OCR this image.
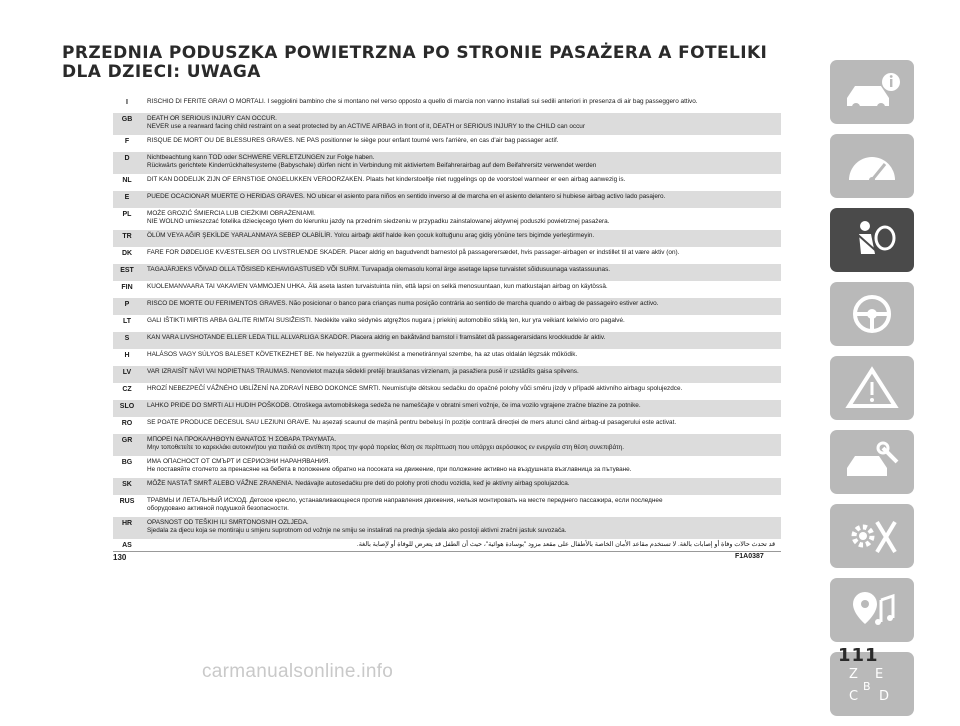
PRZEDNIA PODUSZKA POWIETRZNA PO STRONIE PASAŻERA A FOTELIKI DLA DZIECI: UWAGA
I	RISCHIO DI FERITE GRAVI O MORTALI. I seggiolini bambino che si montano nel verso opposto a quello di marcia non vanno installati sui sedili anteriori in presenza di air bag passeggero attivo.
GB	DEATH OR SERIOUS INJURY CAN OCCUR.
NEVER use a rearward facing child restraint on a seat protected by an ACTIVE AIRBAG in front of it, DEATH or SERIOUS INJURY to the CHILD can occur
F	RISQUE DE MORT OU DE BLESSURES GRAVES. NE PAS positionner le siège pour enfant tourné vers l'arrière, en cas d'air bag passager actif.
D	Nichtbeachtung kann TOD oder SCHWERE VERLETZUNGEN zur Folge haben.
Rückwärts gerichtete Kinderrückhaltesysteme (Babyschale) dürfen nicht in Verbindung mit aktiviertem Beifahrerairbag auf dem Beifahrersitz verwendet werden
NL	DIT KAN DODELIJK ZIJN OF ERNSTIGE ONGELUKKEN VEROORZAKEN. Plaats het kinderstoeltje niet ruggelings op de voorstoel wanneer er een airbag aanwezig is.
E	PUEDE OCACIONAR MUERTE O HERIDAS GRAVES. NO ubicar el asiento para niños en sentido inverso al de marcha en el asiento delantero si hubiese airbag activo lado pasajero.
PL	MOŻE GROZIĆ ŚMIERCIA LUB CIEŻKIMI OBRAŻENIAMI.
NIE WOLNO umieszczać fotelika dziecięcego tyłem do kierunku jazdy na przednim siedzeniu w przypadku zainstalowanej aktywnej poduszki powietrznej pasażera.
TR	ÖLÜM VEYA AĞIR ŞEKİLDE YARALANMAYA SEBEP OLABİLİR. Yolcu airbağı aktif halde iken çocuk koltuğunu araç gidiş yönüne ters biçimde yerleştirmeyin.
DK	FARE FOR DØDELIGE KVÆSTELSER OG LIVSTRUENDE SKADER. Placer aldrig en bagudvendt barnestol på passagerersædet, hvis passager-airbagen er indstillet til at være aktiv (on).
EST	TAGAJÄRJEKS VÕIVAD OLLA TÕSISED KEHAVIGASTUSED VÕI SURM. Turvapadja olemasolu korral ärge asetage lapse turvaistet sõidusuunaga vastassuunas.
FIN	KUOLEMANVAARA TAI VAKAVIEN VAMMOJEN UHKA. Älä aseta lasten turvaistuinta niin, että lapsi on selkä menosuuntaan, kun matkustajan airbag on käytössä.
P	RISCO DE MORTE OU FERIMENTOS GRAVES. Não posicionar o banco para crianças numa posição contrária ao sentido de marcha quando o airbag de passageiro estiver activo.
LT	GALI IŠTIKTI MIRTIS ARBA GALITE RIMTAI SUSIŽEISTI. Nedėkite vaiko sėdynės atgręžtos nugara į priekinį automobilio stiklą ten, kur yra veikiant keleivio oro pagalvė.
S	KAN VARA LIVSHOTANDE ELLER LEDA TILL ALLVARLIGA SKADOR. Placera aldrig en bakåtvänd barnstol i framsätet då passagerarsidans krockkudde är aktiv.
H	HALÁSOS VAGY SÚLYOS BALESET KÖVETKEZHET BE. Ne helyezzük a gyermekülést a menetiránnyal szembe, ha az utas oldalán légzsák működik.
LV	VAR IZRAISĪT NĀVI VAI NOPIETNAS TRAUMAS. Nenovietot mazuļa sēdekli pretēji braukšanas virzienam, ja pasažiera pusē ir uzstādīts gaisa spilvens.
CZ	HROZÍ NEBEZPEČÍ VÁŽNÉHO UBLÍŽENÍ NA ZDRAVÍ NEBO DOKONCE SMRTI. Neumisťujte dětskou sedačku do opačné polohy vůči směru jízdy v případě aktivního airbagu spolujezdce.
SLO	LAHKO PRIDE DO SMRTI ALI HUDIH POŠKODB. Otroškega avtomobilskega sedeža ne nameščajte v obratni smeri vožnje, če ima vozilo vgrajene zračne blazine za potnike.
RO	SE POATE PRODUCE DECESUL SAU LEZIUNI GRAVE. Nu așezați scaunul de mașină pentru bebeluși în poziție contrară direcției de mers atunci când airbag-ul pasagerului este activat.
GR	ΜΠΟΡΕΙ ΝΑ ΠΡΟΚΑΛΗΘΟΥΝ ΘΑΝΑΤΟΣ Ή ΣΟΒΑΡΑ ΤΡΑΥΜΑΤΑ.
Μην τοποθετείτε το καρεκλάκι αυτοκινήτου για παιδιά σε αντίθετη προς την φορά πορείας θέση σε περίπτωση που υπάρχει αερόσακος εν ενεργεία στη θέση συνεπιβάτη.
BG	ИМА ОПАСНОСТ ОТ СМЪРТ И СЕРИОЗНИ НАРАНЯВАНИЯ.
Не поставяйте столчето за пренасяне на бебета в положение обратно на посоката на движение, при положение активно на въздушната възглавница за пътуване.
SK	MÔŽE NASTAŤ SMRŤ ALEBO VÁŽNE ZRANENIA. Nedávajte autosedačku pre deti do polohy proti chodu vozidla, keď je aktívny airbag spolujazdca.
RUS	ТРАВМЫ И ЛЕТАЛЬНЫЙ ИСХОД. Детское кресло, устанавливающееся против направления движения, нельзя монтировать на месте переднего пассажира, если последнее
оборудовано активной подушкой безопасности.
HR	OPASNOST OD TEŠKIH ILI SMRTONOSNIH OZLJEDA.
Sjedala za djecu koja se montiraju u smjeru suprotnom od vožnje ne smiju se instalirati na prednja sjedala ako postoji aktivni zračni jastuk suvozača.
AS	قد تحدث حالات وفاة أو إصابات بالغة. لا تستخدم مقاعد الأمان الخاصة بالأطفال على مقعد مزود "بوسادة هوائية"، حيث أن الطفل قد يتعرض للوفاة أو لإصابة بالغة.
130	F1A0387
Z E
C D
B
111
carmanualsonline.info
